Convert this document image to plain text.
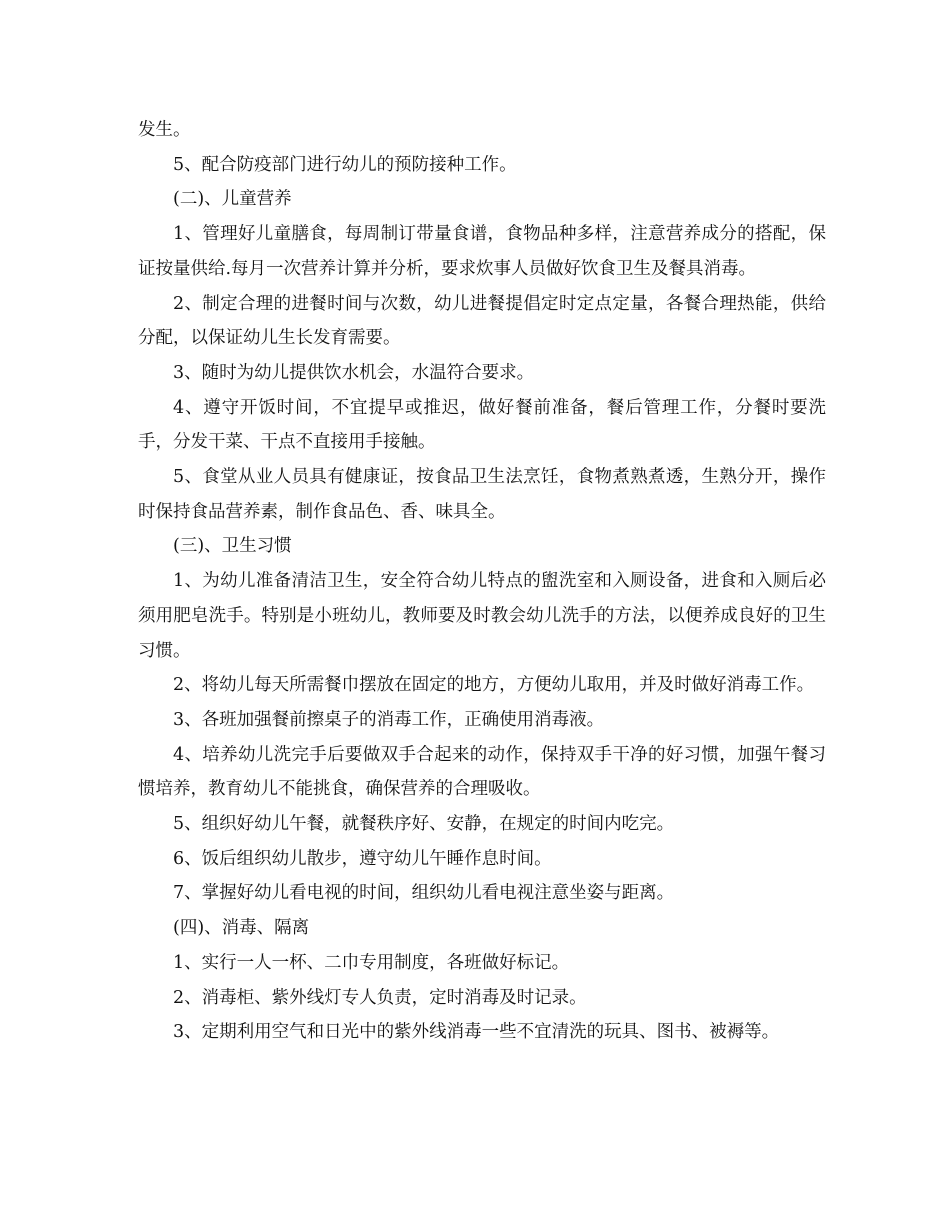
发生。

5、配合防疫部门进行幼儿的预防接种工作。

(二)、儿童营养

1、管理好儿童膳食，每周制订带量食谱，食物品种多样，注意营养成分的搭配，保证按量供给.每月一次营养计算并分析，要求炊事人员做好饮食卫生及餐具消毒。

2、制定合理的进餐时间与次数，幼儿进餐提倡定时定点定量，各餐合理热能，供给分配，以保证幼儿生长发育需要。

3、随时为幼儿提供饮水机会，水温符合要求。

4、遵守开饭时间，不宜提早或推迟，做好餐前准备，餐后管理工作，分餐时要洗手，分发干菜、干点不直接用手接触。

5、食堂从业人员具有健康证，按食品卫生法烹饪，食物煮熟煮透，生熟分开，操作时保持食品营养素，制作食品色、香、味具全。

(三)、卫生习惯

1、为幼儿准备清洁卫生，安全符合幼儿特点的盥洗室和入厕设备，进食和入厕后必须用肥皂洗手。特别是小班幼儿，教师要及时教会幼儿洗手的方法，以便养成良好的卫生习惯。

2、将幼儿每天所需餐巾摆放在固定的地方，方便幼儿取用，并及时做好消毒工作。

3、各班加强餐前擦桌子的消毒工作，正确使用消毒液。

4、培养幼儿洗完手后要做双手合起来的动作，保持双手干净的好习惯，加强午餐习惯培养，教育幼儿不能挑食，确保营养的合理吸收。

5、组织好幼儿午餐，就餐秩序好、安静，在规定的时间内吃完。

6、饭后组织幼儿散步，遵守幼儿午睡作息时间。

7、掌握好幼儿看电视的时间，组织幼儿看电视注意坐姿与距离。

(四)、消毒、隔离

1、实行一人一杯、二巾专用制度，各班做好标记。

2、消毒柜、紫外线灯专人负责，定时消毒及时记录。

3、定期利用空气和日光中的紫外线消毒一些不宜清洗的玩具、图书、被褥等。
